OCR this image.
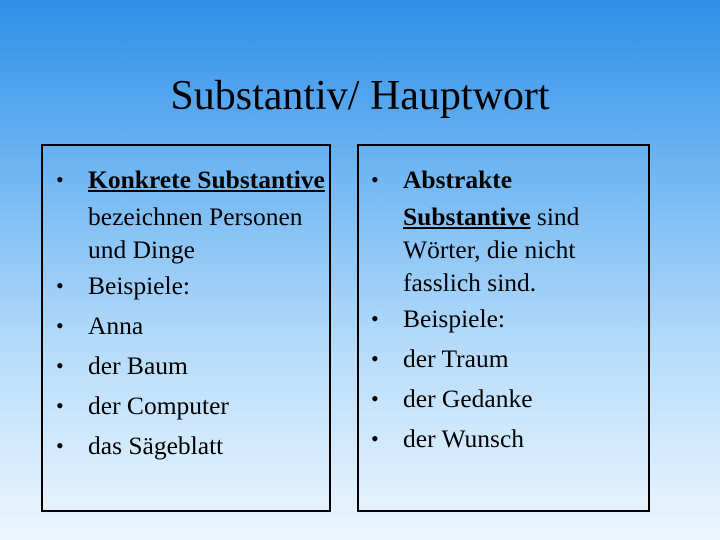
Substantiv/ Hauptwort
• Konkrete Substantive
bezeichnen Personen
und Dinge
• Beispiele:
• Anna
• der Baum
• der Computer
• das Sägeblatt
• Abstrakte
Substantive sind
Wörter, die nicht
fasslich sind.
• Beispiele:
• der Traum
• der Gedanke
• der Wunsch
